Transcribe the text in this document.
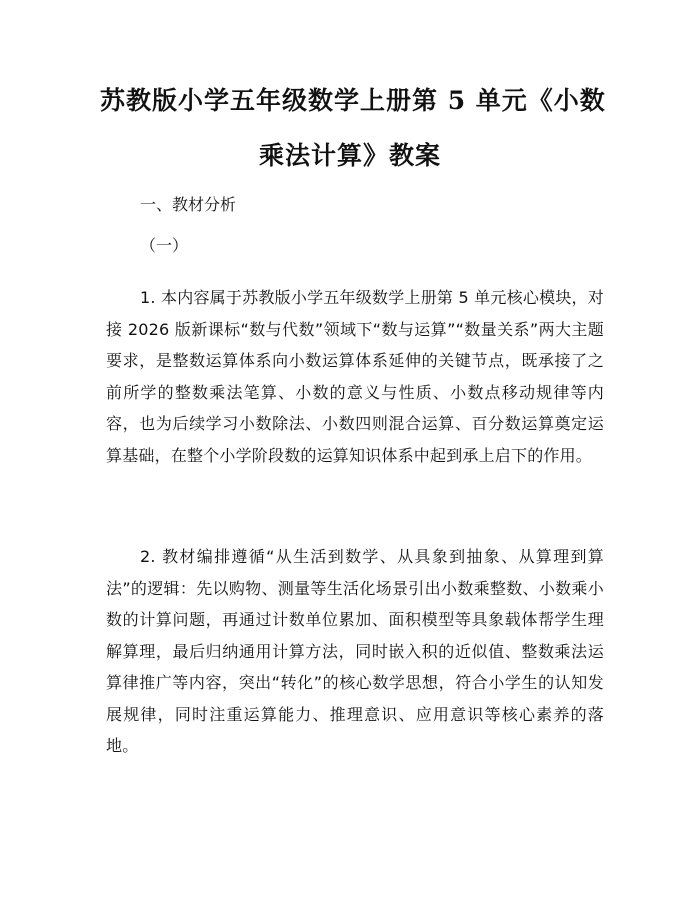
苏教版小学五年级数学上册第 5 单元《小数
乘法计算》教案
一、教材分析
（一）

1. 本内容属于苏教版小学五年级数学上册第 5 单元核心模块，对接 2026 版新课标“数与代数”领域下“数与运算”“数量关系”两大主题要求，是整数运算体系向小数运算体系延伸的关键节点，既承接了之前所学的整数乘法笔算、小数的意义与性质、小数点移动规律等内容，也为后续学习小数除法、小数四则混合运算、百分数运算奠定运算基础，在整个小学阶段数的运算知识体系中起到承上启下的作用。

2. 教材编排遵循“从生活到数学、从具象到抽象、从算理到算法”的逻辑：先以购物、测量等生活化场景引出小数乘整数、小数乘小数的计算问题，再通过计数单位累加、面积模型等具象载体帮学生理解算理，最后归纳通用计算方法，同时嵌入积的近似值、整数乘法运算律推广等内容，突出“转化”的核心数学思想，符合小学生的认知发展规律，同时注重运算能力、推理意识、应用意识等核心素养的落地。
